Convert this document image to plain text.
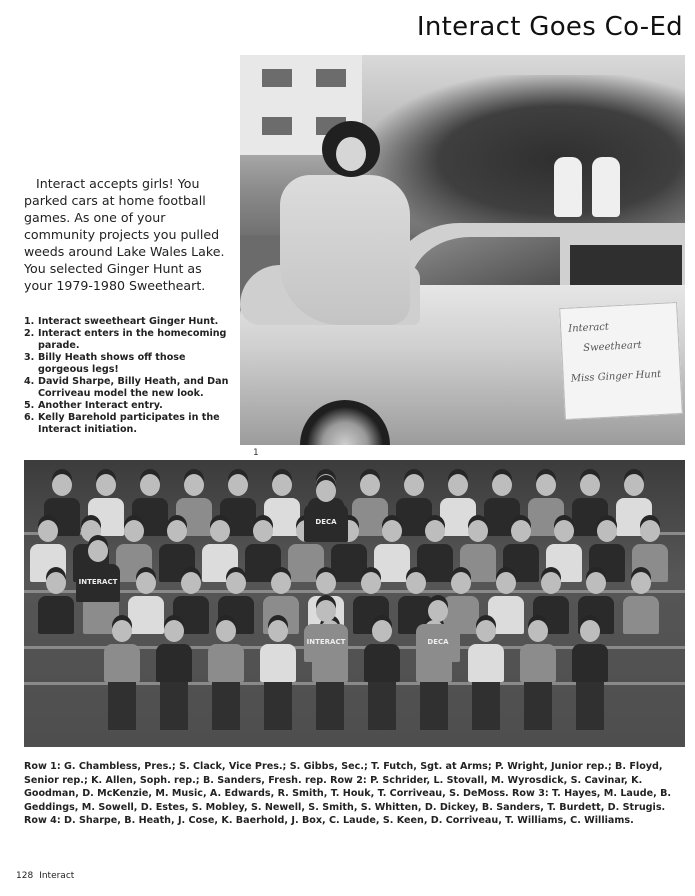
Interact Goes Co-Ed

Interact accepts girls! You parked cars at home football games. As one of your community projects you pulled weeds around Lake Wales Lake. You selected Ginger Hunt as your 1979-1980 Sweetheart.

1. Interact sweetheart Ginger Hunt.
2. Interact enters in the homecoming parade.
3. Billy Heath shows off those gorgeous legs!
4. David Sharpe, Billy Heath, and Dan Corriveau model the new look.
5. Another Interact entry.
6. Kelly Barehold participates in the Interact initiation.
Interact
Sweetheart
Miss Ginger Hunt
1
INTERACT	DECA
INTERACT
DECA

Row 1: G. Chambless, Pres.; S. Clack, Vice Pres.; S. Gibbs, Sec.; T. Futch, Sgt. at Arms; P. Wright, Junior rep.; B. Floyd, Senior rep.; K. Allen, Soph. rep.; B. Sanders, Fresh. rep. Row 2: P. Schrider, L. Stovall, M. Wyrosdick, S. Cavinar, K. Goodman, D. McKenzie, M. Music, A. Edwards, R. Smith, T. Houk, T. Corriveau, S. DeMoss. Row 3: T. Hayes, M. Laude, B. Geddings, M. Sowell, D. Estes, S. Mobley, S. Newell, S. Smith, S. Whitten, D. Dickey, B. Sanders, T. Burdett, D. Strugis. Row 4: D. Sharpe, B. Heath, J. Cose, K. Baerhold, J. Box, C. Laude, S. Keen, D. Corriveau, T. Williams, C. Williams.

128 Interact
